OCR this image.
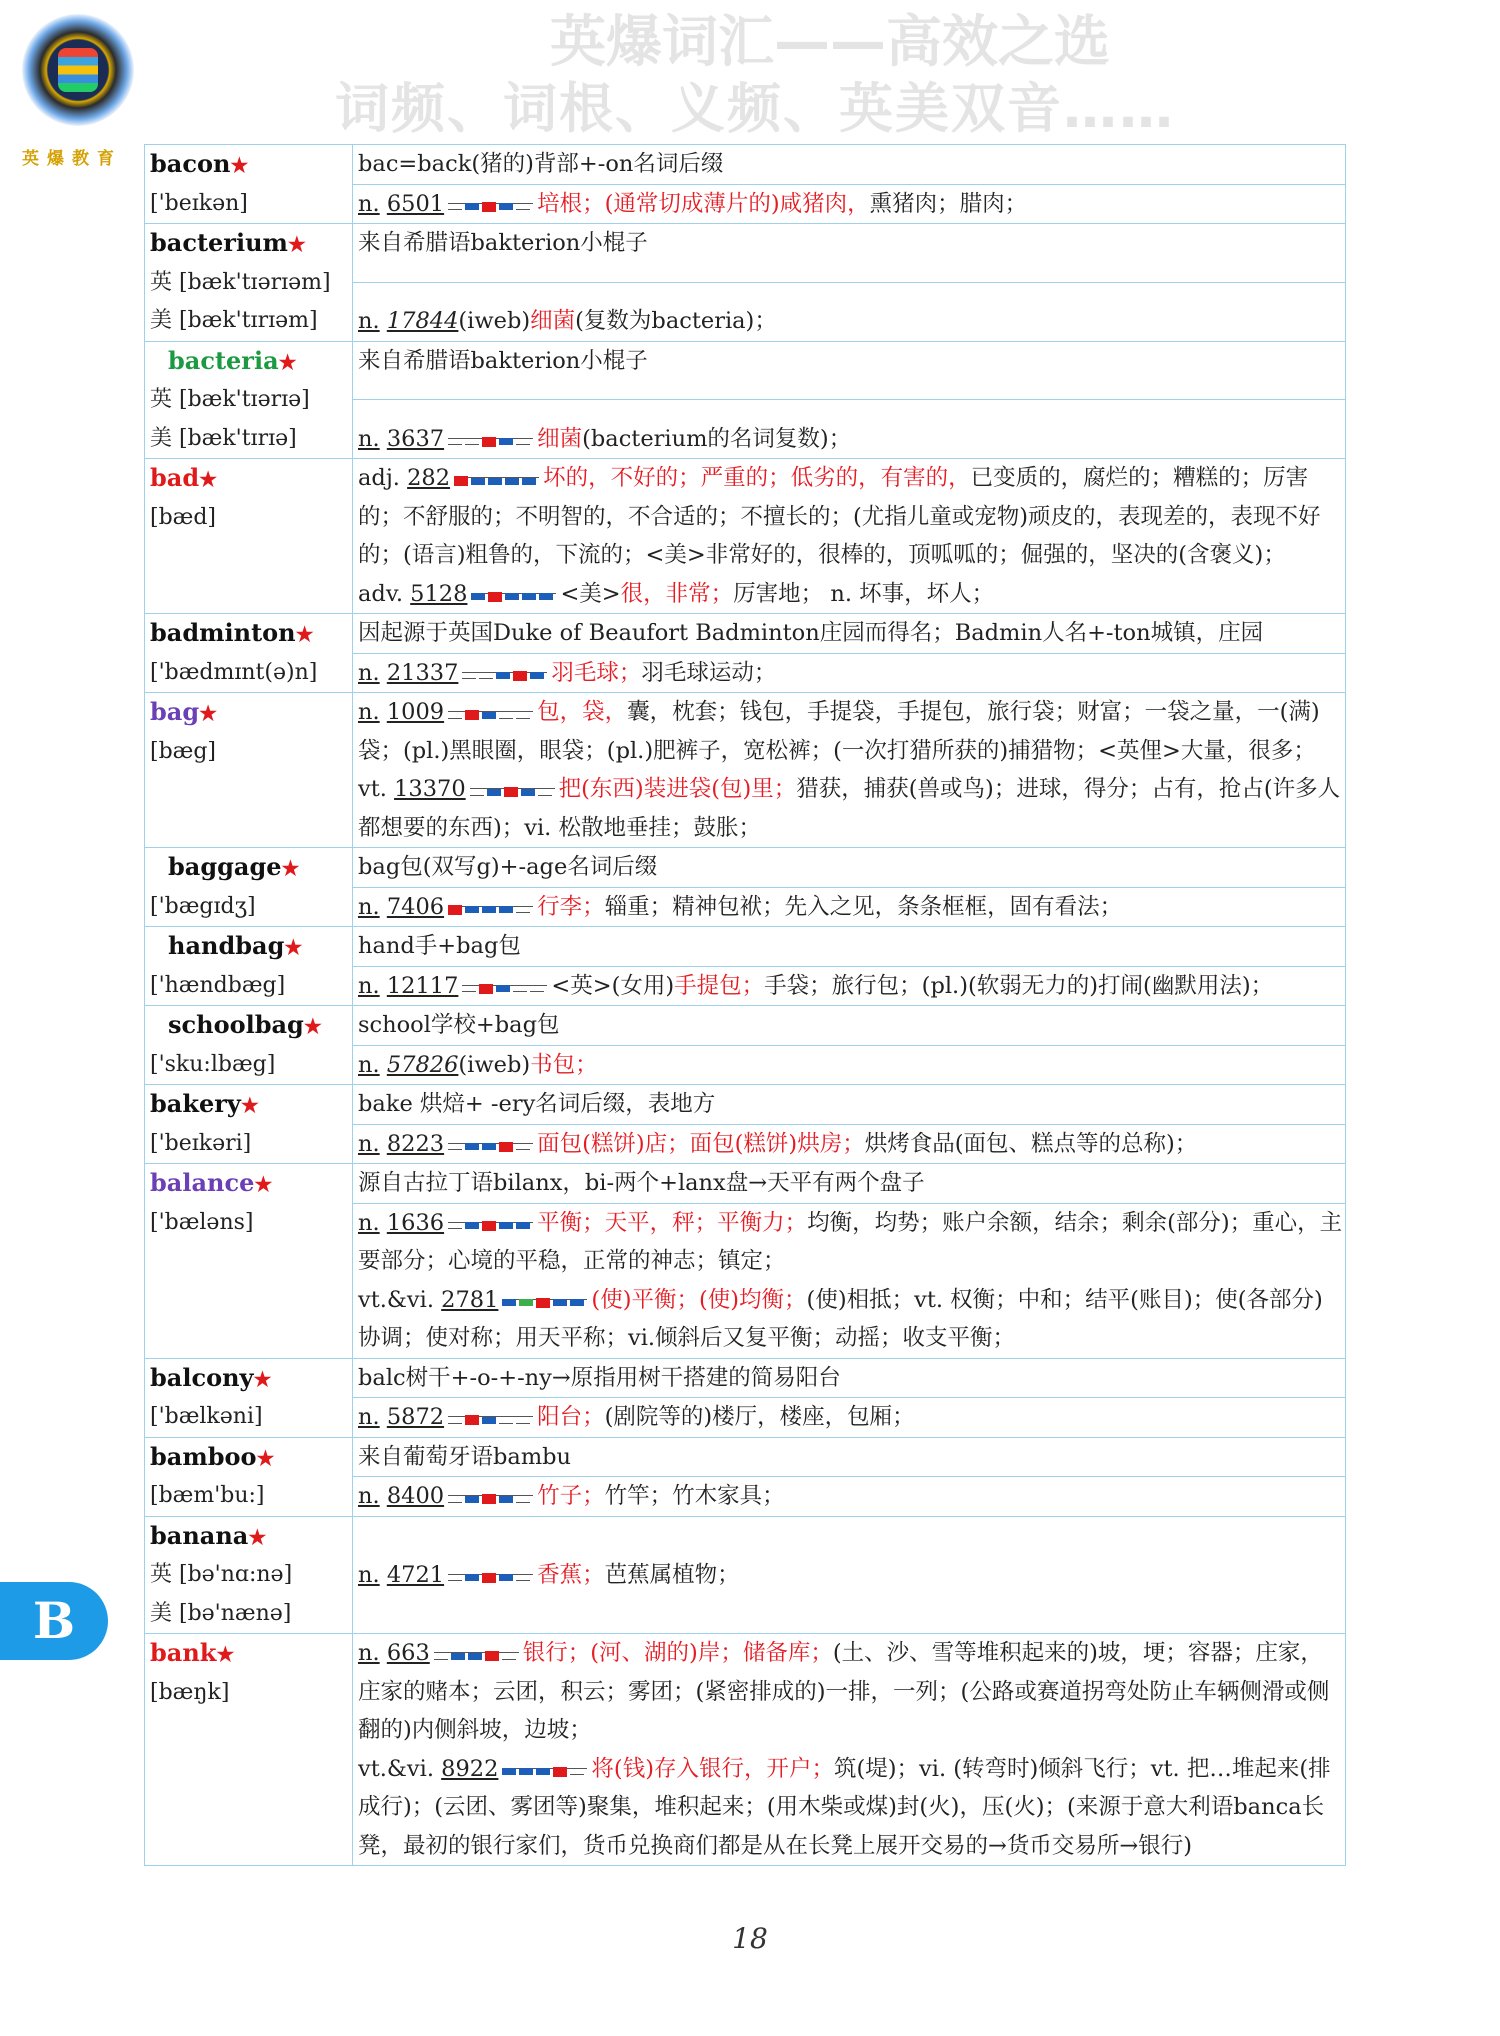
英爆教育
英爆词汇——高效之选
词频、词根、义频、英美双音……
bacon★
['beɪkən]	bac=back(猪的)背部+-on名词后缀
	n. 6501 培根；(通常切成薄片的)咸猪肉，熏猪肉；腊肉；

bacterium★
英 [bæk'tɪərɪəm]
美 [bæk'tɪrɪəm]	来自希腊语bakterion小棍子
	n. 17844(iweb)细菌(复数为bacteria)；

bacteria★
英 [bæk'tɪərɪə]
美 [bæk'tɪrɪə]	来自希腊语bakterion小棍子
	n. 3637 细菌(bacterium的名词复数)；

bad★
[bæd]	adj. 282 坏的，不好的；严重的；低劣的，有害的，已变质的，腐烂的；糟糕的；厉害的；不舒服的；不明智的，不合适的；不擅长的；(尤指儿童或宠物)顽皮的，表现差的，表现不好的；(语言)粗鲁的，下流的；<美>非常好的，很棒的，顶呱呱的；倔强的，坚决的(含褒义)；
adv. 5128 <美>很，非常；厉害地； n. 坏事，坏人；

badminton★
['bædmɪnt(ə)n]	因起源于英国Duke of Beaufort Badminton庄园而得名；Badmin人名+-ton城镇，庄园
	n. 21337 羽毛球；羽毛球运动；

bag★
[bæg]	n. 1009 包，袋，囊，枕套；钱包，手提袋，手提包，旅行袋；财富；一袋之量，一(满)袋；(pl.)黑眼圈，眼袋；(pl.)肥裤子，宽松裤；(一次打猎所获的)捕猎物；<英俚>大量，很多；
vt. 13370 把(东西)装进袋(包)里；猎获，捕获(兽或鸟)；进球，得分；占有，抢占(许多人都想要的东西)；vi. 松散地垂挂；鼓胀；

baggage★
['bægɪdʒ]	bag包(双写g)+-age名词后缀
	n. 7406 行李；辎重；精神包袱；先入之见，条条框框，固有看法；

handbag★
['hændbæg]	hand手+bag包
	n. 12117 <英>(女用)手提包；手袋；旅行包；(pl.)(软弱无力的)打闹(幽默用法)；

schoolbag★
['sku:lbæg]	school学校+bag包
	n. 57826(iweb)书包；

bakery★
['beɪkəri]	bake 烘焙+ -ery名词后缀，表地方
	n. 8223 面包(糕饼)店；面包(糕饼)烘房；烘烤食品(面包、糕点等的总称)；

balance★
['bæləns]	源自古拉丁语bilanx，bi-两个+lanx盘→天平有两个盘子
	n. 1636 平衡；天平，秤；平衡力；均衡，均势；账户余额，结余；剩余(部分)；重心，主要部分；心境的平稳，正常的神志；镇定；
vt.&vi. 2781 (使)平衡；(使)均衡；(使)相抵；vt. 权衡；中和；结平(账目)；使(各部分)协调；使对称；用天平称；vi.倾斜后又复平衡；动摇；收支平衡；

balcony★
['bælkəni]	balc树干+-o-+-ny→原指用树干搭建的简易阳台
	n. 5872 阳台；(剧院等的)楼厅，楼座，包厢；

bamboo★
[bæm'bu:]	来自葡萄牙语bambu
	n. 8400 竹子；竹竿；竹木家具；

banana★
英 [bə'nɑ:nə]
美 [bə'nænə]	n. 4721 香蕉；芭蕉属植物；

bank★
[bæŋk]	n. 663 银行；(河、湖的)岸；储备库；(土、沙、雪等堆积起来的)坡，埂；容器；庄家，庄家的赌本；云团，积云；雾团；(紧密排成的)一排，一列；(公路或赛道拐弯处防止车辆侧滑或侧翻的)内侧斜坡，边坡；
vt.&vi. 8922 将(钱)存入银行，开户；筑(堤)；vi. (转弯时)倾斜飞行；vt. 把…堆起来(排成行)；(云团、雾团等)聚集，堆积起来；(用木柴或煤)封(火)，压(火)；(来源于意大利语banca长凳，最初的银行家们，货币兑换商们都是从在长凳上展开交易的→货币交易所→银行)
B
18
